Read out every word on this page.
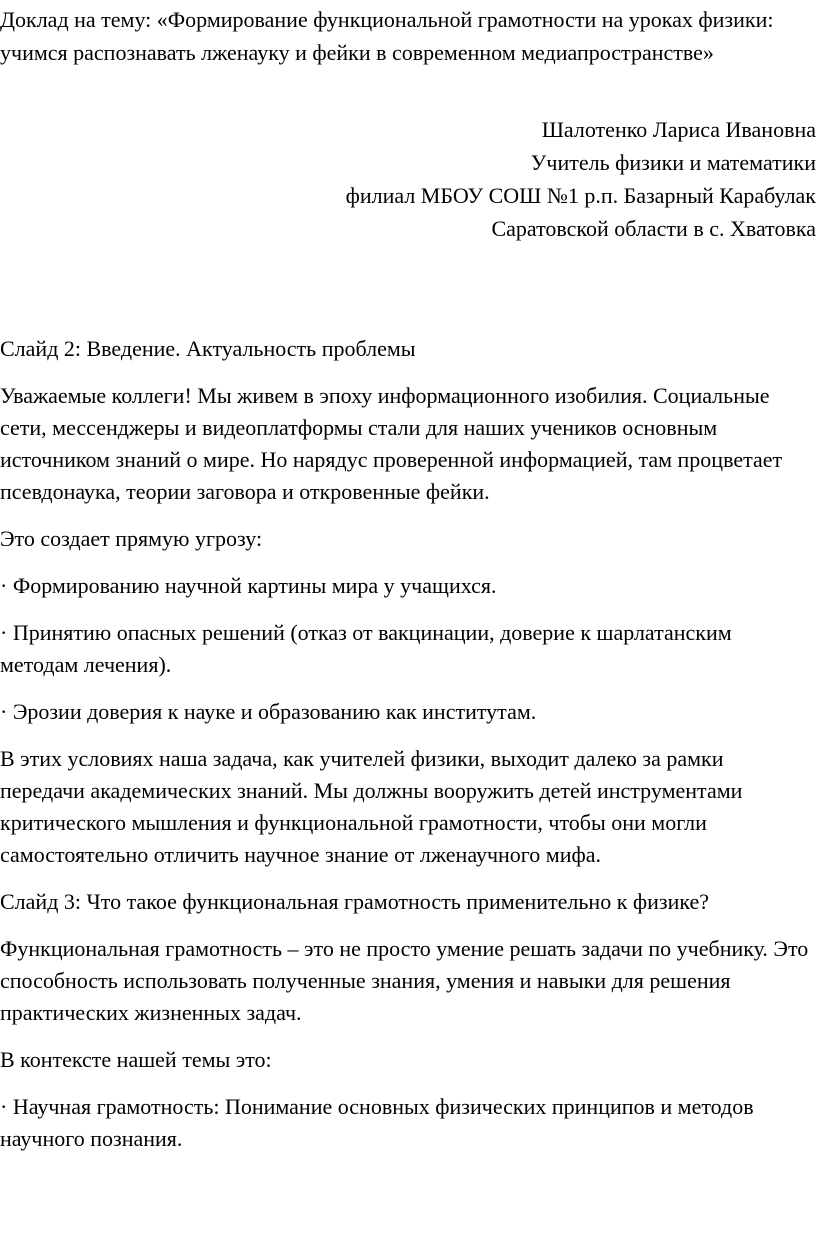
Доклад на тему: «Формирование функциональной грамотности на уроках физики: учимся распознавать лженауку и фейки в современном медиапространстве»
Шалотенко Лариса Ивановна
Учитель физики и математики
филиал МБОУ СОШ №1 р.п. Базарный Карабулак
Саратовской области в с. Хватовка

Слайд 2: Введение. Актуальность проблемы

Уважаемые коллеги! Мы живем в эпоху информационного изобилия. Социальные сети, мессенджеры и видеоплатформы стали для наших учеников основным источником знаний о мире. Но нарядус проверенной информацией, там процветает псевдонаука, теории заговора и откровенные фейки.

Это создает прямую угрозу:

· Формированию научной картины мира у учащихся.

· Принятию опасных решений (отказ от вакцинации, доверие к шарлатанским методам лечения).

· Эрозии доверия к науке и образованию как институтам.

В этих условиях наша задача, как учителей физики, выходит далеко за рамки передачи академических знаний. Мы должны вооружить детей инструментами критического мышления и функциональной грамотности, чтобы они могли самостоятельно отличить научное знание от лженаучного мифа.

Слайд 3: Что такое функциональная грамотность применительно к физике?

Функциональная грамотность – это не просто умение решать задачи по учебнику. Это способность использовать полученные знания, умения и навыки для решения практических жизненных задач.

В контексте нашей темы это:

· Научная грамотность: Понимание основных физических принципов и методов научного познания.
